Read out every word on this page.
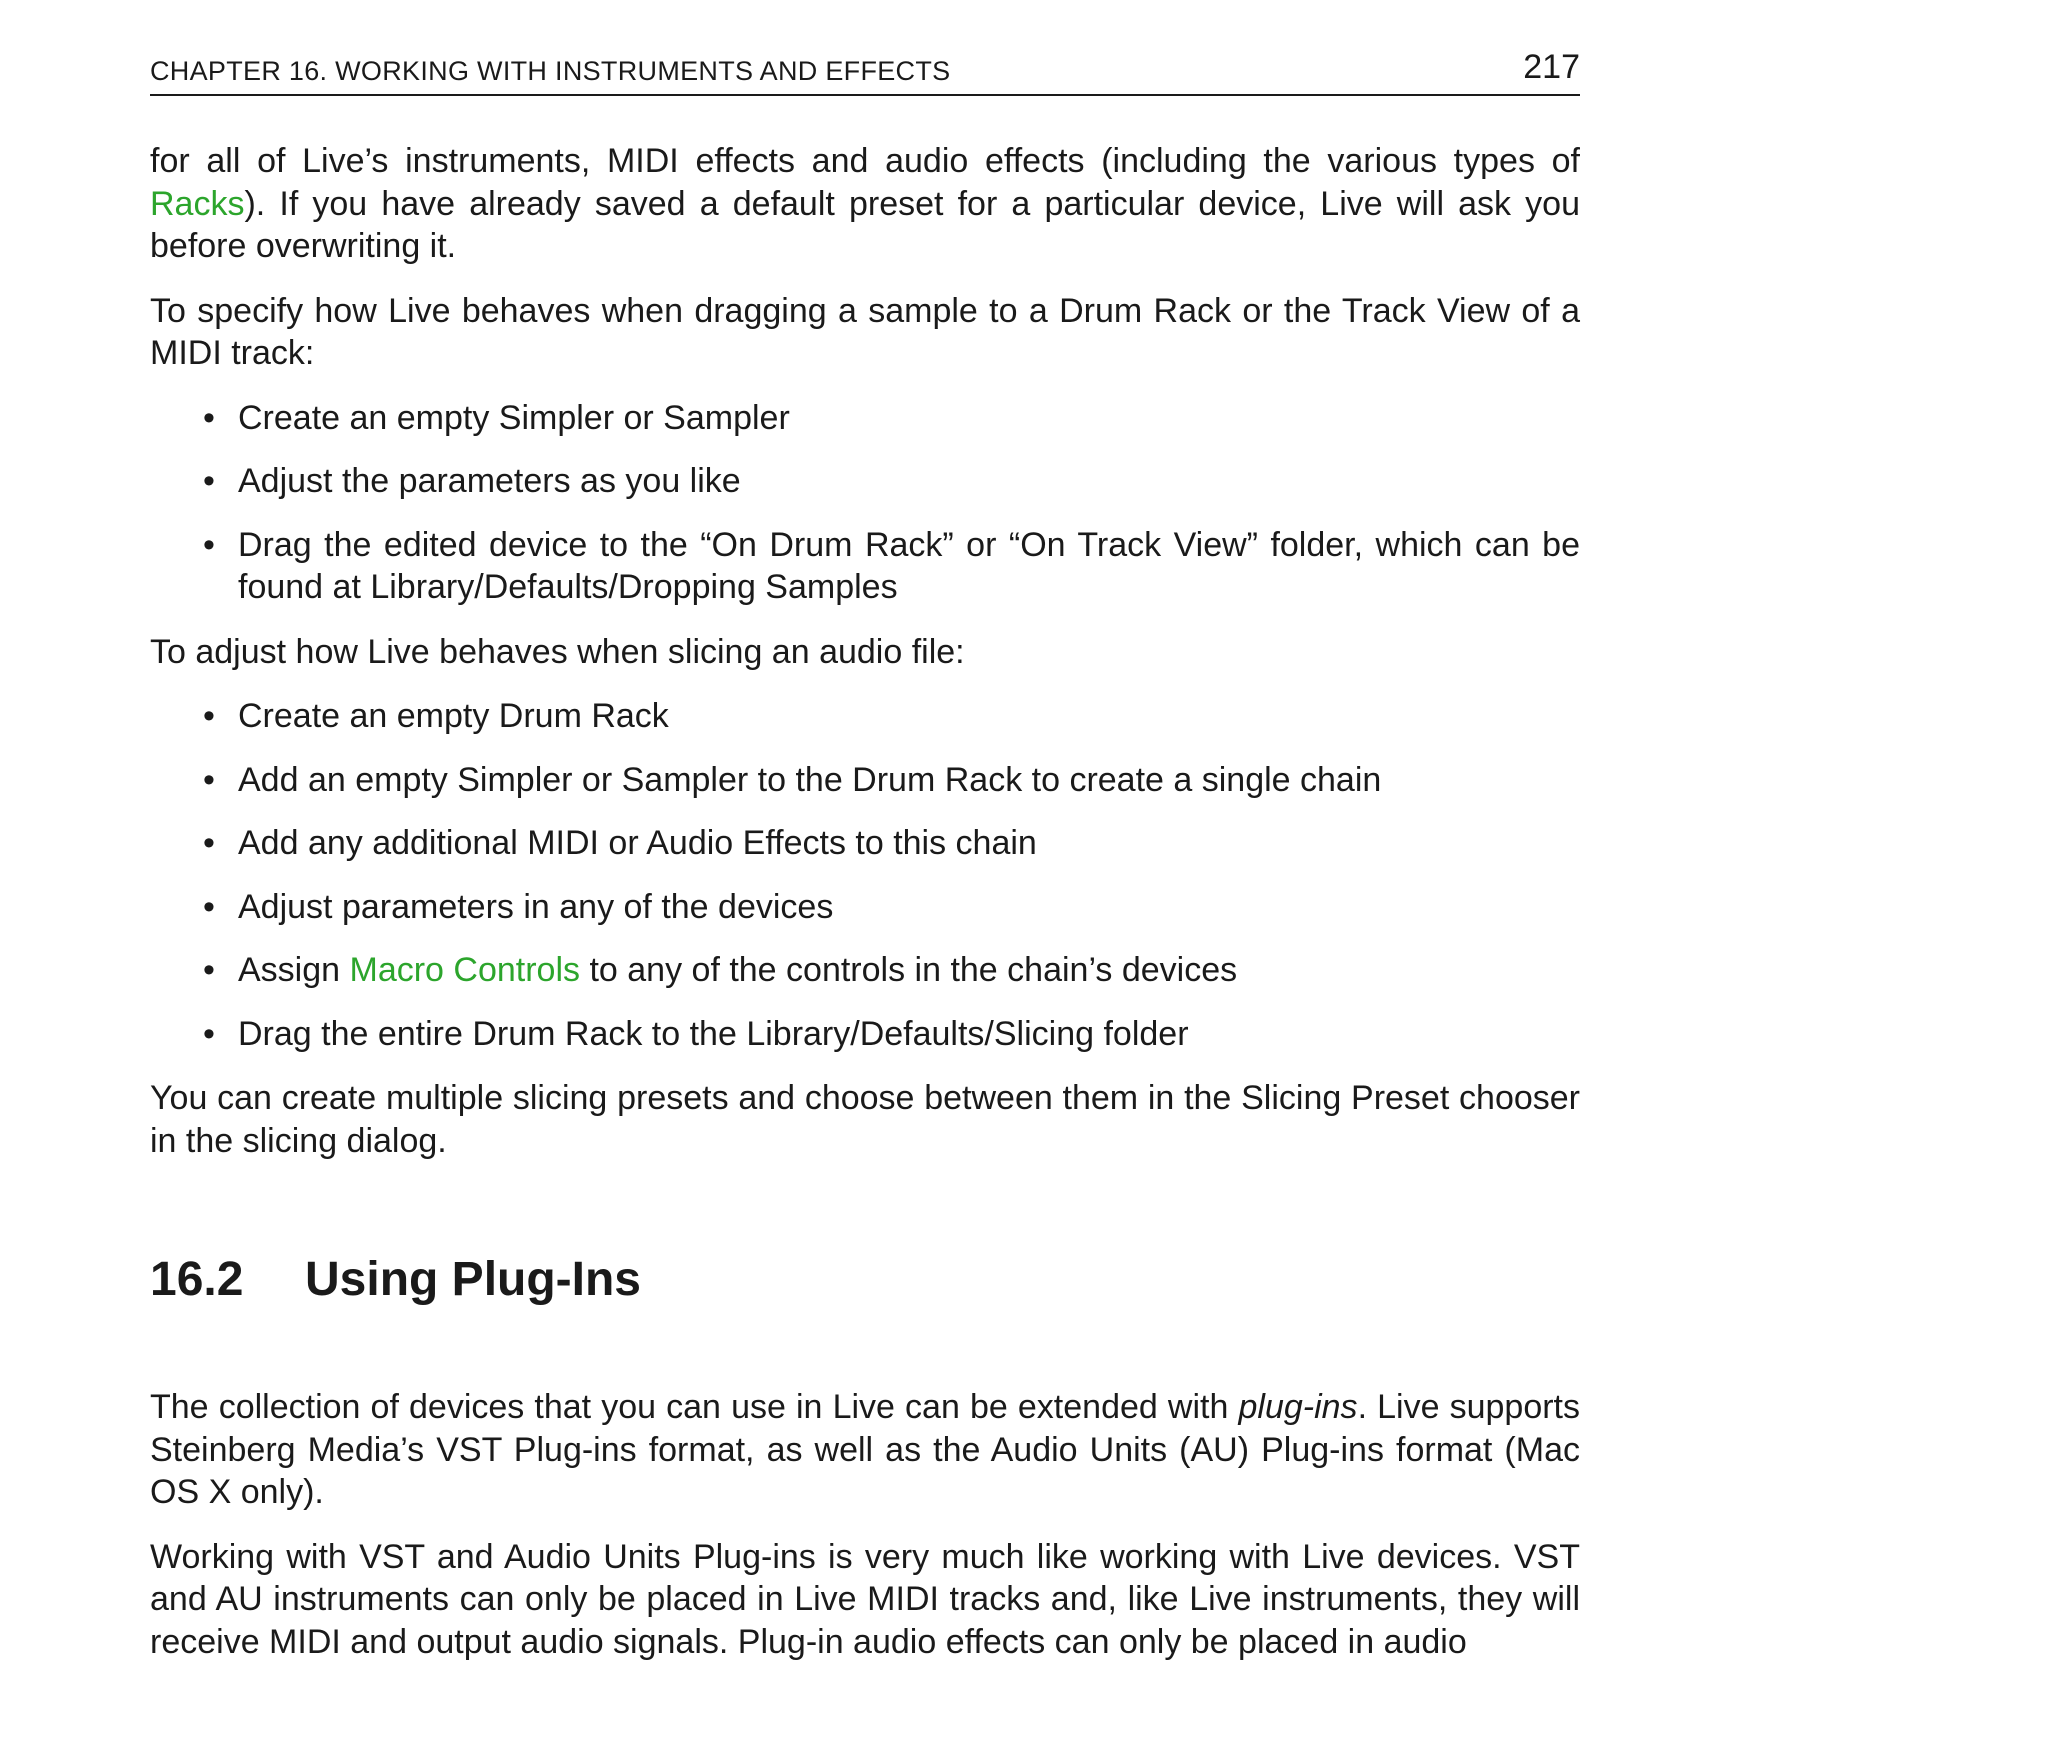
CHAPTER 16. WORKING WITH INSTRUMENTS AND EFFECTS	217

for all of Live’s instruments, MIDI effects and audio effects (including the various types of Racks). If you have already saved a default preset for a particular device, Live will ask you before overwriting it.

To specify how Live behaves when dragging a sample to a Drum Rack or the Track View of a MIDI track:

• Create an empty Simpler or Sampler
• Adjust the parameters as you like
• Drag the edited device to the “On Drum Rack” or “On Track View” folder, which can be found at Library/Defaults/Dropping Samples

To adjust how Live behaves when slicing an audio file:

• Create an empty Drum Rack
• Add an empty Simpler or Sampler to the Drum Rack to create a single chain
• Add any additional MIDI or Audio Effects to this chain
• Adjust parameters in any of the devices
• Assign Macro Controls to any of the controls in the chain’s devices
• Drag the entire Drum Rack to the Library/Defaults/Slicing folder

You can create multiple slicing presets and choose between them in the Slicing Preset chooser in the slicing dialog.

16.2 Using Plug-Ins

The collection of devices that you can use in Live can be extended with plug-ins. Live supports Steinberg Media’s VST Plug-ins format, as well as the Audio Units (AU) Plug-ins format (Mac OS X only).

Working with VST and Audio Units Plug-ins is very much like working with Live devices. VST and AU instruments can only be placed in Live MIDI tracks and, like Live instruments, they will receive MIDI and output audio signals. Plug-in audio effects can only be placed in audio
